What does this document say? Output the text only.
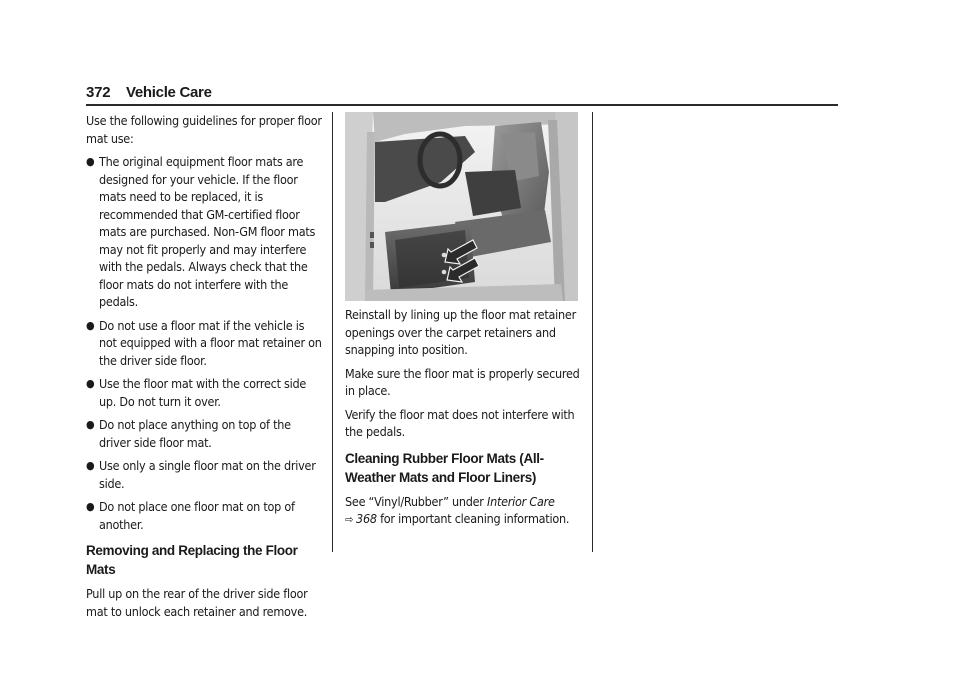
372 Vehicle Care

Use the following guidelines for proper floor mat use:

● The original equipment floor mats are designed for your vehicle. If the floor mats need to be replaced, it is recommended that GM-certified floor mats are purchased. Non-GM floor mats may not fit properly and may interfere with the pedals. Always check that the floor mats do not interfere with the pedals.
● Do not use a floor mat if the vehicle is not equipped with a floor mat retainer on the driver side floor.
● Use the floor mat with the correct side up. Do not turn it over.
● Do not place anything on top of the driver side floor mat.
● Use only a single floor mat on the driver side.
● Do not place one floor mat on top of another.
Removing and Replacing the Floor Mats

Pull up on the rear of the driver side floor mat to unlock each retainer and remove.

Reinstall by lining up the floor mat retainer openings over the carpet retainers and snapping into position.

Make sure the floor mat is properly secured in place.

Verify the floor mat does not interfere with the pedals.

Cleaning Rubber Floor Mats (All-Weather Mats and Floor Liners)

See “Vinyl/Rubber” under Interior Care
⇨ 368 for important cleaning information.
